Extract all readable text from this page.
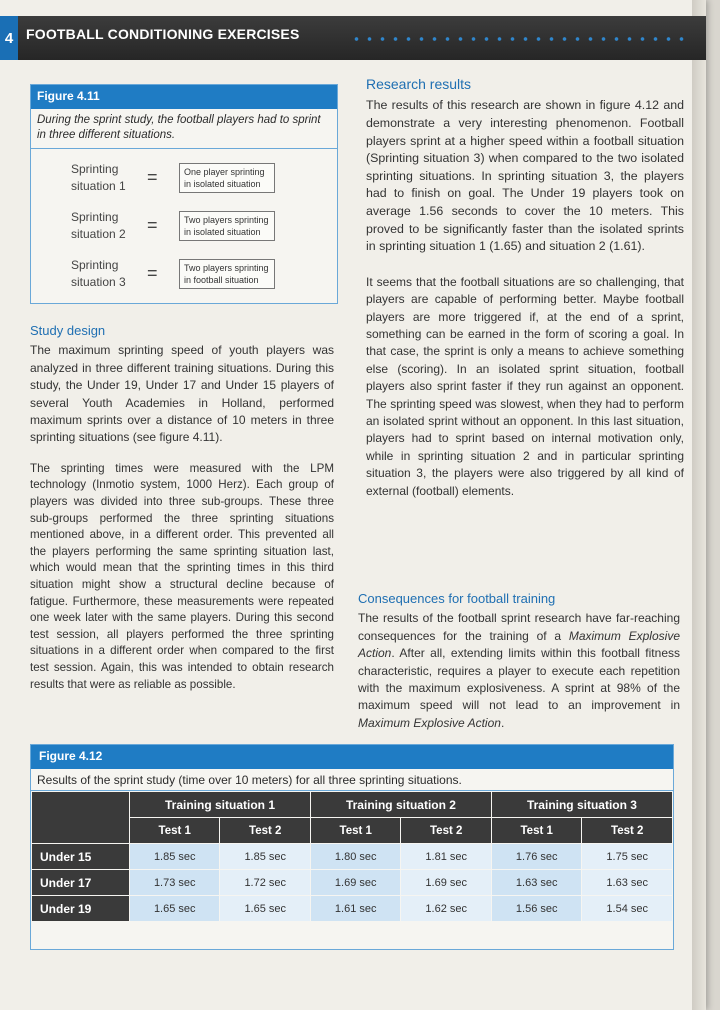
4 FOOTBALL CONDITIONING EXERCISES
Figure 4.11
During the sprint study, the football players had to sprint in three different situations.
Sprinting situation 1	=	One player sprinting in isolated situation
Sprinting situation 2	=	Two players sprinting in isolated situation
Sprinting situation 3	=	Two players sprinting in football situation
Study design

The maximum sprinting speed of youth players was analyzed in three different training situations. During this study, the Under 19, Under 17 and Under 15 players of several Youth Academies in Holland, performed maximum sprints over a distance of 10 meters in three sprinting situations (see figure 4.11).

The sprinting times were measured with the LPM technology (Inmotio system, 1000 Herz). Each group of players was divided into three sub-groups. These three sub-groups performed the three sprinting situations mentioned above, in a different order. This prevented all the players performing the same sprinting situation last, which would mean that the sprinting times in this third situation might show a structural decline because of fatigue. Furthermore, these measurements were repeated one week later with the same players. During this second test session, all players performed the three sprinting situations in a different order when compared to the first test session. Again, this was intended to obtain research results that were as reliable as possible.

Research results

The results of this research are shown in figure 4.12 and demonstrate a very interesting phenomenon. Football players sprint at a higher speed within a football situation (Sprinting situation 3) when compared to the two isolated sprinting situations. In sprinting situation 3, the players had to finish on goal. The Under 19 players took on average 1.56 seconds to cover the 10 meters. This proved to be significantly faster than the isolated sprints in sprinting situation 1 (1.65) and situation 2 (1.61).

It seems that the football situations are so challenging, that players are capable of performing better. Maybe football players are more triggered if, at the end of a sprint, something can be earned in the form of scoring a goal. In that case, the sprint is only a means to achieve something else (scoring). In an isolated sprint situation, football players also sprint faster if they run against an opponent. The sprinting speed was slowest, when they had to perform an isolated sprint without an opponent. In this last situation, players had to sprint based on internal motivation only, while in sprinting situation 2 and in particular sprinting situation 3, the players were also triggered by all kind of external (football) elements.

Consequences for football training

The results of the football sprint research have far-reaching consequences for the training of a Maximum Explosive Action. After all, extending limits within this football fitness characteristic, requires a player to execute each repetition with the maximum explosiveness. A sprint at 98% of the maximum speed will not lead to an improvement in Maximum Explosive Action.

Figure 4.12
Results of the sprint study (time over 10 meters) for all three sprinting situations.
	Training situation 1		Training situation 2		Training situation 3	
	Test 1	Test 2	Test 1	Test 2	Test 1	Test 2
Under 15	1.85 sec	1.85 sec	1.80 sec	1.81 sec	1.76 sec	1.75 sec
Under 17	1.73 sec	1.72 sec	1.69 sec	1.69 sec	1.63 sec	1.63 sec
Under 19	1.65 sec	1.65 sec	1.61 sec	1.62 sec	1.56 sec	1.54 sec
